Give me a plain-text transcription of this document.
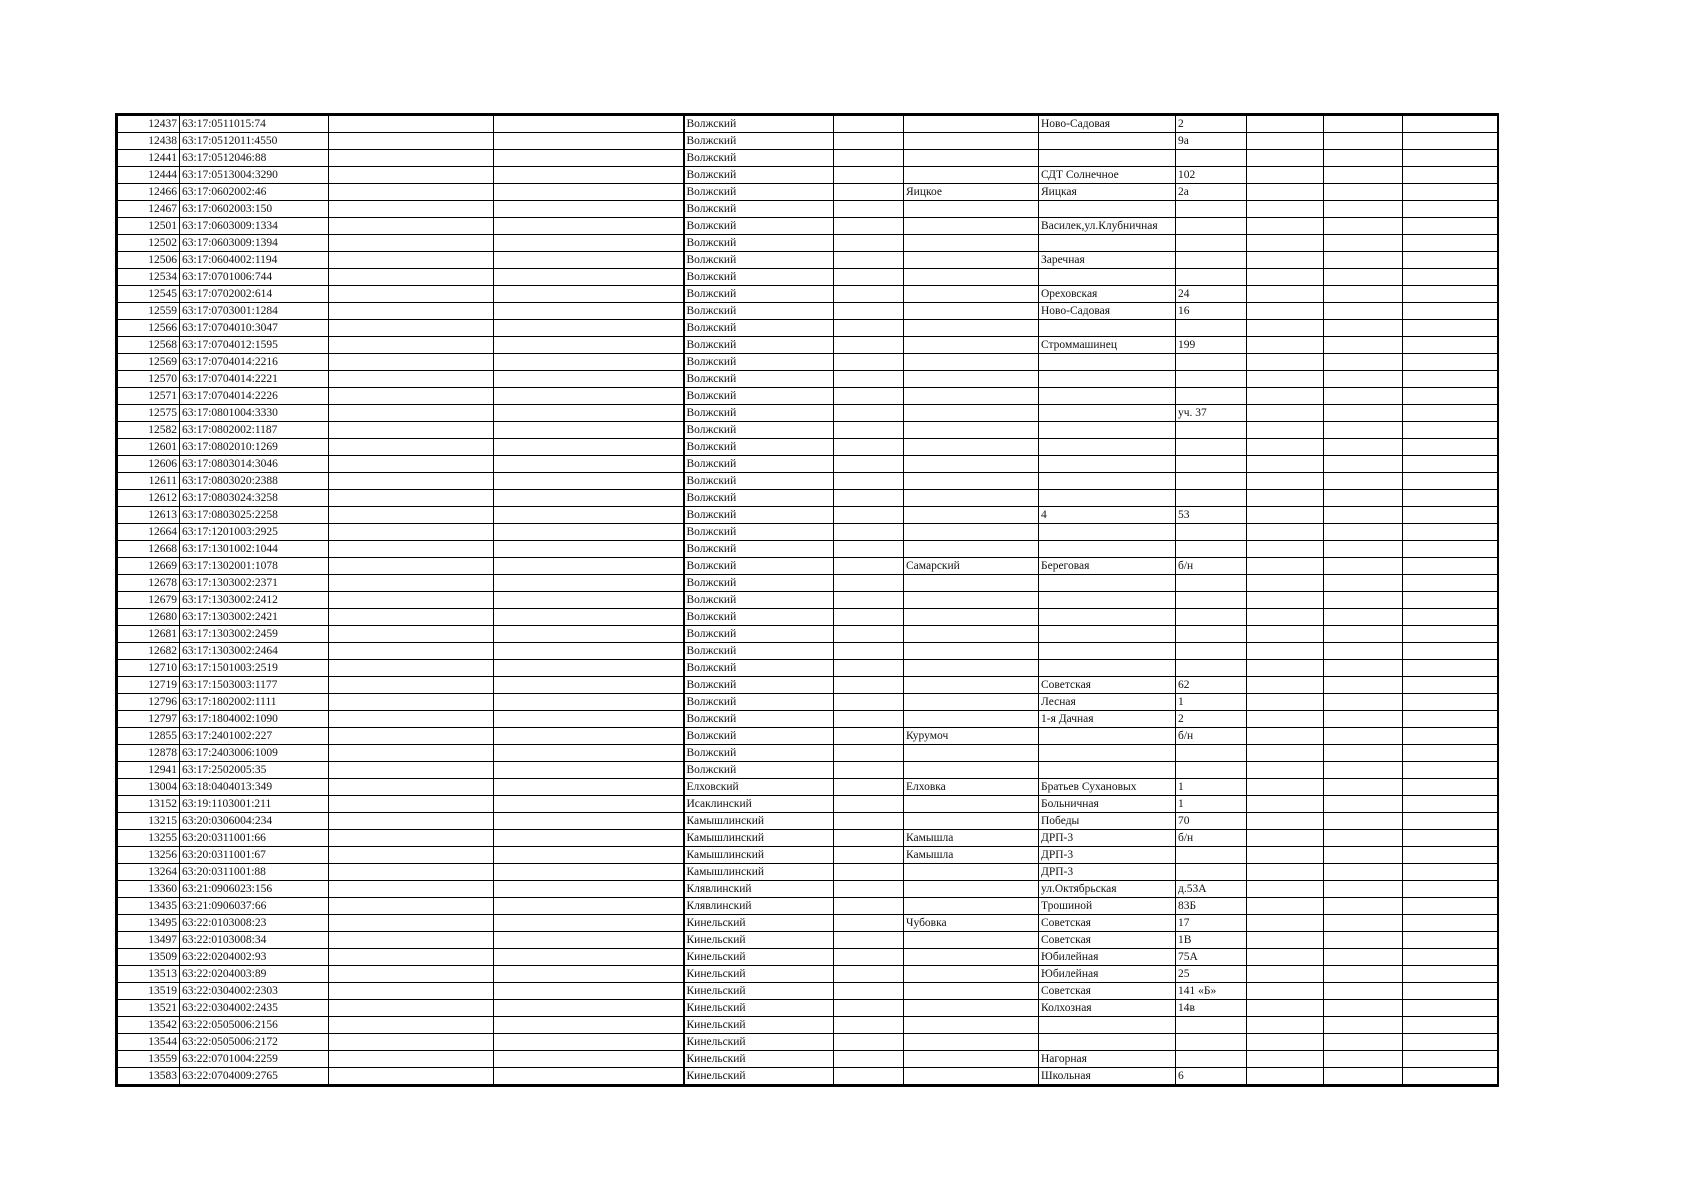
12437	63:17:0511015:74			Волжский			Ново-Садовая	2			
12438	63:17:0512011:4550			Волжский				9а			
12441	63:17:0512046:88			Волжский							
12444	63:17:0513004:3290			Волжский			СДТ Солнечное	102			
12466	63:17:0602002:46			Волжский		Яицкое	Яицкая	2а			
12467	63:17:0602003:150			Волжский							
12501	63:17:0603009:1334			Волжский			Василек,ул.Клубничная				
12502	63:17:0603009:1394			Волжский							
12506	63:17:0604002:1194			Волжский			Заречная				
12534	63:17:0701006:744			Волжский							
12545	63:17:0702002:614			Волжский			Ореховская	24			
12559	63:17:0703001:1284			Волжский			Ново-Садовая	16			
12566	63:17:0704010:3047			Волжский							
12568	63:17:0704012:1595			Волжский			Строммашинец	199			
12569	63:17:0704014:2216			Волжский							
12570	63:17:0704014:2221			Волжский							
12571	63:17:0704014:2226			Волжский							
12575	63:17:0801004:3330			Волжский				уч. 37			
12582	63:17:0802002:1187			Волжский							
12601	63:17:0802010:1269			Волжский							
12606	63:17:0803014:3046			Волжский							
12611	63:17:0803020:2388			Волжский							
12612	63:17:0803024:3258			Волжский							
12613	63:17:0803025:2258			Волжский			4	53			
12664	63:17:1201003:2925			Волжский							
12668	63:17:1301002:1044			Волжский							
12669	63:17:1302001:1078			Волжский		Самарский	Береговая	б/н			
12678	63:17:1303002:2371			Волжский							
12679	63:17:1303002:2412			Волжский							
12680	63:17:1303002:2421			Волжский							
12681	63:17:1303002:2459			Волжский							
12682	63:17:1303002:2464			Волжский							
12710	63:17:1501003:2519			Волжский							
12719	63:17:1503003:1177			Волжский			Советская	62			
12796	63:17:1802002:1111			Волжский			Лесная	1			
12797	63:17:1804002:1090			Волжский			1-я Дачная	2			
12855	63:17:2401002:227			Волжский		Курумоч		б/н			
12878	63:17:2403006:1009			Волжский							
12941	63:17:2502005:35			Волжский							
13004	63:18:0404013:349			Елховский		Елховка	Братьев Сухановых	1			
13152	63:19:1103001:211			Исаклинский			Больничная	1			
13215	63:20:0306004:234			Камышлинский			Победы	70			
13255	63:20:0311001:66			Камышлинский		Камышла	ДРП-3	б/н			
13256	63:20:0311001:67			Камышлинский		Камышла	ДРП-3				
13264	63:20:0311001:88			Камышлинский			ДРП-3				
13360	63:21:0906023:156			Клявлинский			ул.Октябрьская	д.53А			
13435	63:21:0906037:66			Клявлинский			Трошиной	83Б			
13495	63:22:0103008:23			Кинельский		Чубовка	Советская	17			
13497	63:22:0103008:34			Кинельский			Советская	1В			
13509	63:22:0204002:93			Кинельский			Юбилейная	75А			
13513	63:22:0204003:89			Кинельский			Юбилейная	25			
13519	63:22:0304002:2303			Кинельский			Советская	141 «Б»			
13521	63:22:0304002:2435			Кинельский			Колхозная	14в			
13542	63:22:0505006:2156			Кинельский							
13544	63:22:0505006:2172			Кинельский							
13559	63:22:0701004:2259			Кинельский			Нагорная				
13583	63:22:0704009:2765			Кинельский			Школьная	6			
